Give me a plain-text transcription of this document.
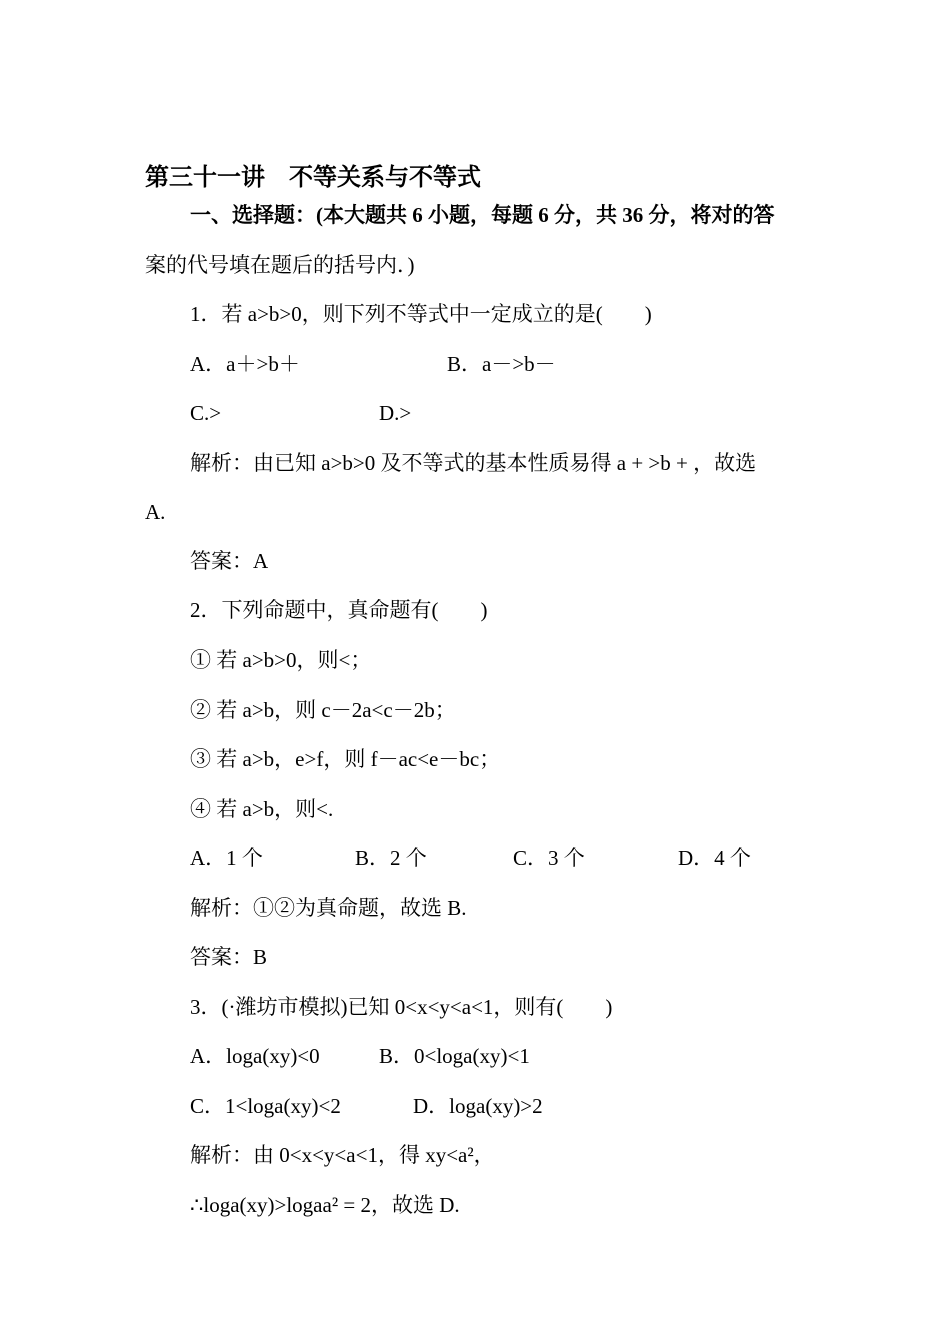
第三十一讲　不等关系与不等式
一、选择题：(本大题共 6 小题，每题 6 分，共 36 分，将对的答
案的代号填在题后的括号内．)
1．若 a>b>0，则下列不等式中一定成立的是(　　)
A．a＋>b＋	B．a－>b－
C.>	D.>
解析：由已知 a>b>0 及不等式的基本性质易得 a + >b + ，故选
A.
答案：A
2．下列命题中，真命题有(　　)
① 若 a>b>0，则<；
② 若 a>b，则 c－2a<c－2b；
③ 若 a>b，e>f，则 f－ac<e－bc；
④ 若 a>b，则<.
A．1 个	B．2 个	C．3 个	D．4 个
解析：①②为真命题，故选 B.
答案：B
3．(·潍坊市模拟)已知 0<x<y<a<1，则有(　　)
A．loga(xy)<0	B．0<loga(xy)<1
C．1<loga(xy)<2	D．loga(xy)>2
解析：由 0<x<y<a<1，得 xy<a²，
∴loga(xy)>logaa² = 2，故选 D.
